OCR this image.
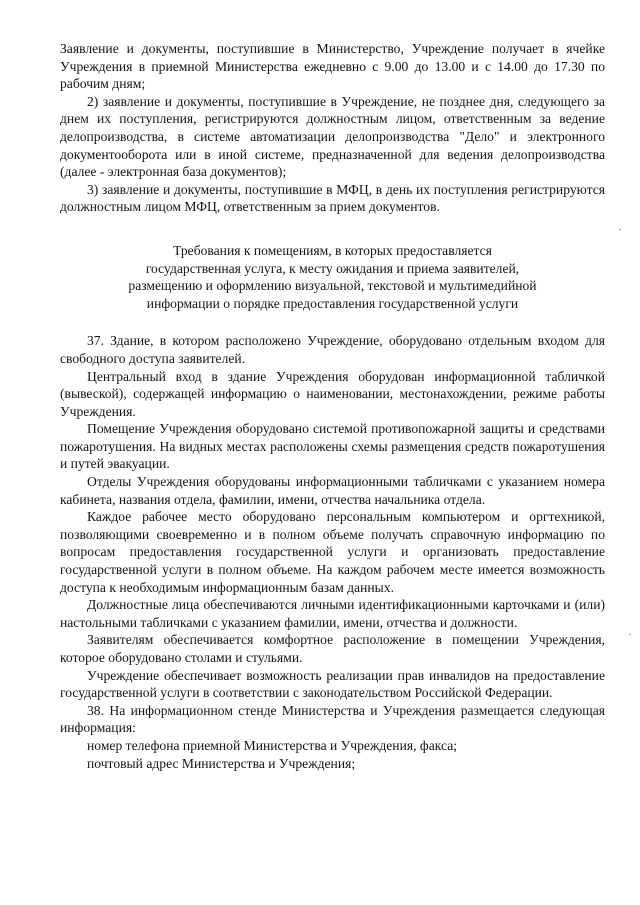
Заявление и документы, поступившие в Министерство, Учреждение получает в ячейке Учреждения в приемной Министерства ежедневно с 9.00 до 13.00 и с 14.00 до 17.30 по рабочим дням;

2) заявление и документы, поступившие в Учреждение, не позднее дня, следующего за днем их поступления, регистрируются должностным лицом, ответственным за ведение делопроизводства, в системе автоматизации делопроизводства "Дело" и электронного документооборота или в иной системе, предназначенной для ведения делопроизводства (далее - электронная база документов);

3) заявление и документы, поступившие в МФЦ, в день их поступления регистрируются должностным лицом МФЦ, ответственным за прием документов.

Требования к помещениям, в которых предоставляется
государственная услуга, к месту ожидания и приема заявителей,
размещению и оформлению визуальной, текстовой и мультимедийной
информации о порядке предоставления государственной услуги

37. Здание, в котором расположено Учреждение, оборудовано отдельным входом для свободного доступа заявителей.

Центральный вход в здание Учреждения оборудован информационной табличкой (вывеской), содержащей информацию о наименовании, местонахождении, режиме работы Учреждения.

Помещение Учреждения оборудовано системой противопожарной защиты и средствами пожаротушения. На видных местах расположены схемы размещения средств пожаротушения и путей эвакуации.

Отделы Учреждения оборудованы информационными табличками с указанием номера кабинета, названия отдела, фамилии, имени, отчества начальника отдела.

Каждое рабочее место оборудовано персональным компьютером и оргтехникой, позволяющими своевременно и в полном объеме получать справочную информацию по вопросам предоставления государственной услуги и организовать предоставление государственной услуги в полном объеме. На каждом рабочем месте имеется возможность доступа к необходимым информационным базам данных.

Должностные лица обеспечиваются личными идентификационными карточками и (или) настольными табличками с указанием фамилии, имени, отчества и должности.

Заявителям обеспечивается комфортное расположение в помещении Учреждения, которое оборудовано столами и стульями.

Учреждение обеспечивает возможность реализации прав инвалидов на предоставление государственной услуги в соответствии с законодательством Российской Федерации.

38. На информационном стенде Министерства и Учреждения размещается следующая информация:

номер телефона приемной Министерства и Учреждения, факса;

почтовый адрес Министерства и Учреждения;

·
·
